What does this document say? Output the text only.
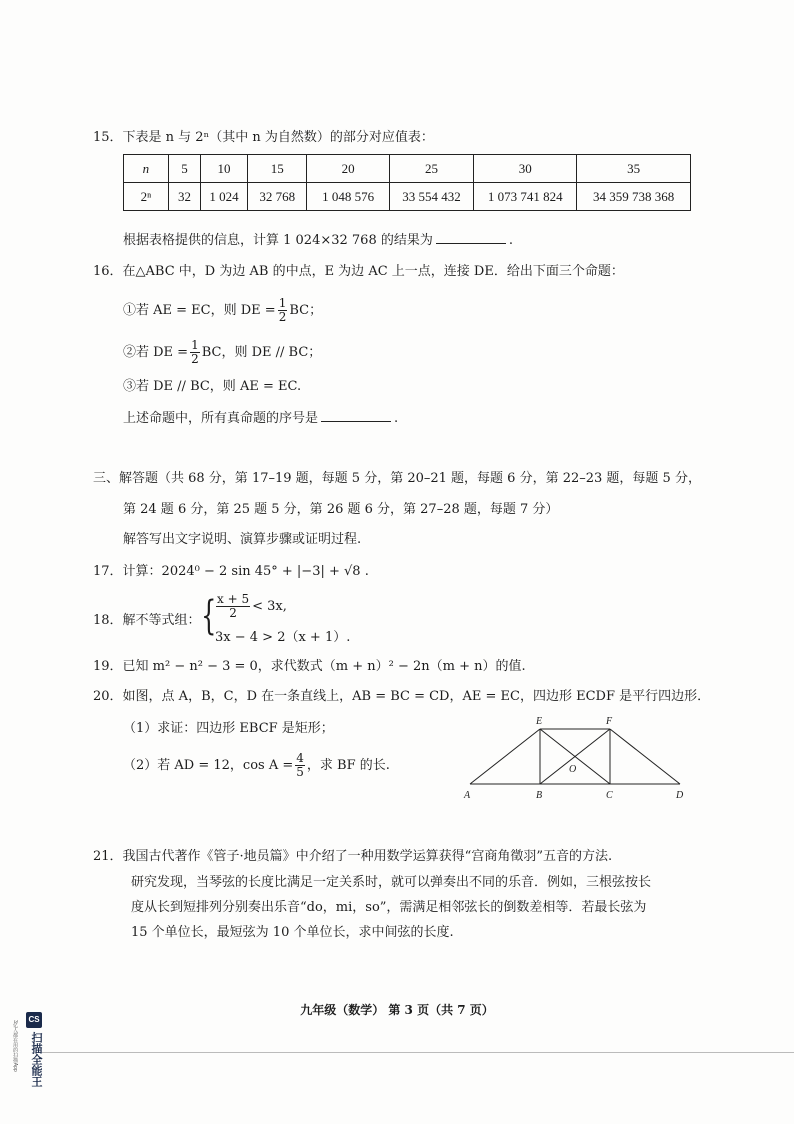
15．下表是 n 与 2ⁿ（其中 n 为自然数）的部分对应值表：
n	5	10	15	20	25	30	35
2ⁿ	32	1 024	32 768	1 048 576	33 554 432	1 073 741 824	34 359 738 368
根据表格提供的信息，计算 1 024×32 768 的结果为	.
16．在△ABC 中，D 为边 AB 的中点，E 为边 AC 上一点，连接 DE．给出下面三个命题：
①若 AE = EC，则 DE = $\frac{1}{2}$ BC；
②若 DE = $\frac{1}{2}$ BC，则 DE // BC；
③若 DE // BC，则 AE = EC.
上述命题中，所有真命题的序号是	.
三、解答题（共 68 分，第 17–19 题，每题 5 分，第 20–21 题，每题 6 分，第 22–23 题，每题 5 分，
第 24 题 6 分，第 25 题 5 分，第 26 题 6 分，第 27–28 题，每题 7 分）
解答写出文字说明、演算步骤或证明过程.
17．计算：2024⁰ − 2 sin 45° + |−3| + √8 .
18．解不等式组： { $\frac{x + 5}{2} < 3x$,
3x − 4 > 2（x + 1）.
19．已知 m² − n² − 3 = 0，求代数式（m + n）² − 2n（m + n）的值.
20．如图，点 A，B，C，D 在一条直线上，AB = BC = CD，AE = EC，四边形 ECDF 是平行四边形．
（1）求证：四边形 EBCF 是矩形；
（2）若 AD = 12，$\cos A = \frac{4}{5}$ ，求 BF 的长.
A	B	C	D
E	F
O
21．我国古代著作《管子·地员篇》中介绍了一种用数学运算获得“宫商角徵羽”五音的方法.
研究发现，当琴弦的长度比满足一定关系时，就可以弹奏出不同的乐音．例如，三根弦按长
度从长到短排列分别奏出乐音“do，mi，so”，需满足相邻弦长的倒数差相等．若最长弦为
15 个单位长，最短弦为 10 个单位长，求中间弦的长度.
九年级（数学） 第 3 页（共 7 页）
CS
扫描全能王
3亿人都在用的扫描App
